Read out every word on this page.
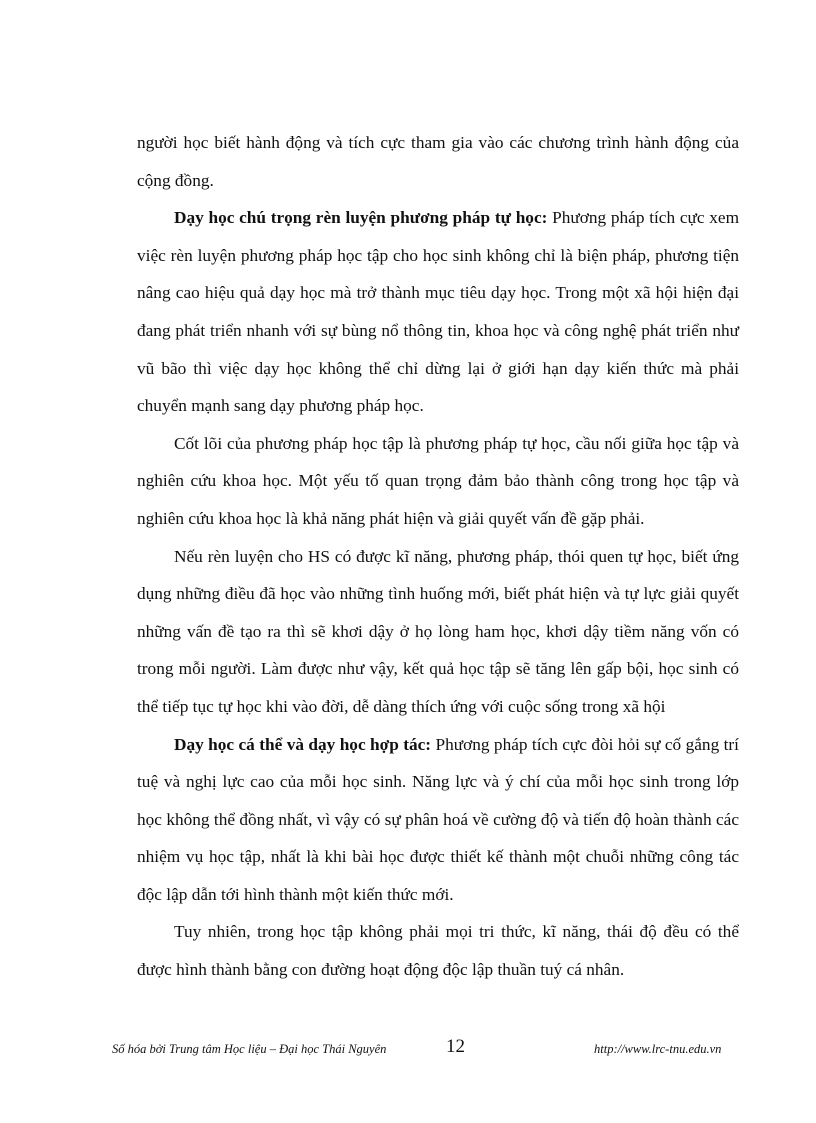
người học biết hành động và tích cực tham gia vào các chương trình hành động của cộng đồng.

Dạy học chú trọng rèn luyện phương pháp tự học: Phương pháp tích cực xem việc rèn luyện phương pháp học tập cho học sinh không chỉ là biện pháp, phương tiện nâng cao hiệu quả dạy học mà trở thành mục tiêu dạy học. Trong một xã hội hiện đại đang phát triển nhanh với sự bùng nổ thông tin, khoa học và công nghệ phát triển như vũ bão thì việc dạy học không thể chỉ dừng lại ở giới hạn dạy kiến thức mà phải chuyển mạnh sang dạy phương pháp học.

Cốt lõi của phương pháp học tập là phương pháp tự học, cầu nối giữa học tập và nghiên cứu khoa học. Một yếu tố quan trọng đảm bảo thành công trong học tập và nghiên cứu khoa học là khả năng phát hiện và giải quyết vấn đề gặp phải.

Nếu rèn luyện cho HS có được kĩ năng, phương pháp, thói quen tự học, biết ứng dụng những điều đã học vào những tình huống mới, biết phát hiện và tự lực giải quyết những vấn đề tạo ra thì sẽ khơi dậy ở họ lòng ham học, khơi dậy tiềm năng vốn có trong mỗi người. Làm được như vậy, kết quả học tập sẽ tăng lên gấp bội, học sinh có thể tiếp tục tự học khi vào đời, dễ dàng thích ứng với cuộc sống trong xã hội

Dạy học cá thể và dạy học hợp tác: Phương pháp tích cực đòi hỏi sự cố gắng trí tuệ và nghị lực cao của mỗi học sinh. Năng lực và ý chí của mỗi học sinh trong lớp học không thể đồng nhất, vì vậy có sự phân hoá về cường độ và tiến độ hoàn thành các nhiệm vụ học tập, nhất là khi bài học được thiết kế thành một chuỗi những công tác độc lập dẫn tới hình thành một kiến thức mới.

Tuy nhiên, trong học tập không phải mọi tri thức, kĩ năng, thái độ đều có thể được hình thành bằng con đường hoạt động độc lập thuần tuý cá nhân.

Số hóa bởi Trung tâm Học liệu – Đại học Thái Nguyên	12	http://www.lrc-tnu.edu.vn
